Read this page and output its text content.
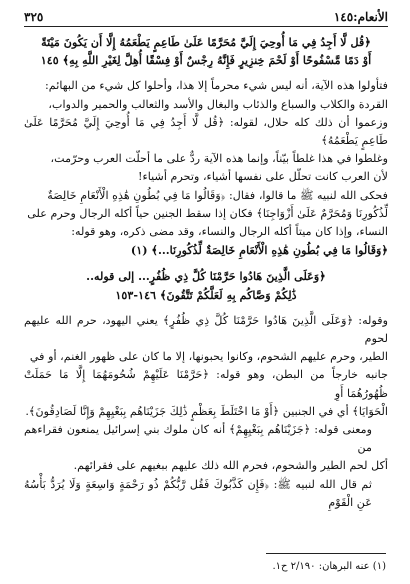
الأنعام:١٤٥
٣٢٥

﴿قُل لَّا أَجِدُ فِي مَا أُوحِيَ إِلَيَّ مُحَرَّمًا عَلَىٰ طَاعِمٍ يَطْعَمُهُ إِلَّا أَن يَكُونَ مَيْتَةً

أَوْ دَمًا مَّسْفُوحًا أَوْ لَحْمَ خِنزِيرٍ فَإِنَّهُ رِجْسٌ أَوْ فِسْقًا أُهِلَّ لِغَيْرِ اللَّهِ بِهِ﴾ ١٤٥

فتأولوا هذه الآية، أنه ليس شيء محرماً إلا هذا، وأحلوا كل شيء من البهائم:

القردة والكلاب والسباع والذئاب والبغال والأسد والثعالب والحمير والدواب،

وزعموا أن ذلك كله حلال، لقوله: ﴿قُل لَّا أَجِدُ فِي مَا أُوحِيَ إِلَيَّ مُحَرَّمًا عَلَىٰ طَاعِمٍ يَطْعَمُهُ﴾

وغلطوا في هذا غلطاً بيّناً، وإنما هذه الآية ردٌّ على ما أحلّت العرب وحرّمت،

لأن العرب كانت تحلّل على نفسها أشياء، وتحرم أشياء!

فحكى الله لنبيه ﷺ ما قالوا، فقال: ﴿وَقَالُوا مَا فِي بُطُونِ هَٰذِهِ الْأَنْعَامِ خَالِصَةٌ

لِّذُكُورِنَا وَمُحَرَّمٌ عَلَىٰ أَزْوَاجِنَا﴾ فكان إذا سقط الجنين حياً أكله الرجال وحرم على

النساء، وإذا كان ميتاً أكله الرجال والنساء، وقد مضى ذكره، وهو قوله:

﴿وَقَالُوا مَا فِي بُطُونِ هَٰذِهِ الْأَنْعَامِ خَالِصَةٌ لِّذُكُورِنَا...﴾ (١)

﴿وَعَلَى الَّذِينَ هَادُوا حَرَّمْنَا كُلَّ ذِي ظُفُرٍ... إلى قوله..

ذَٰلِكُمْ وَصَّاكُم بِهِ لَعَلَّكُمْ تَتَّقُونَ﴾ ١٤٦-١٥٣

وقوله: ﴿وَعَلَى الَّذِينَ هَادُوا حَرَّمْنَا كُلَّ ذِي ظُفُرٍ﴾ يعني اليهود، حرم الله عليهم لحوم

الطير، وحرم عليهم الشحوم، وكانوا يحبونها، إلا ما كان على ظهور الغنم، أو في

جانبه خارجاً من البطن، وهو قوله: ﴿حَرَّمْنَا عَلَيْهِمْ شُحُومَهُمَا إِلَّا مَا حَمَلَتْ ظُهُورُهُمَا أَوِ

الْحَوَايَا﴾ أي في الجنبين ﴿أَوْ مَا اخْتَلَطَ بِعَظْمٍ ذَٰلِكَ جَزَيْنَاهُم بِبَغْيِهِمْ وَإِنَّا لَصَادِقُونَ﴾.

ومعنى قوله: ﴿جَزَيْنَاهُم بِبَغْيِهِمْ﴾ أنه كان ملوك بني إسرائيل يمنعون فقراءهم من

أكل لحم الطير والشحوم، فحرم الله ذلك عليهم ببغيهم على فقرائهم.

ثم قال الله لنبيه ﷺ: ﴿فَإِن كَذَّبُوكَ فَقُل رَّبُّكُمْ ذُو رَحْمَةٍ وَاسِعَةٍ وَلَا يُرَدُّ بَأْسُهُ عَنِ الْقَوْمِ

(١) عنه البرهان: ٢/١٩٠ ح١.
